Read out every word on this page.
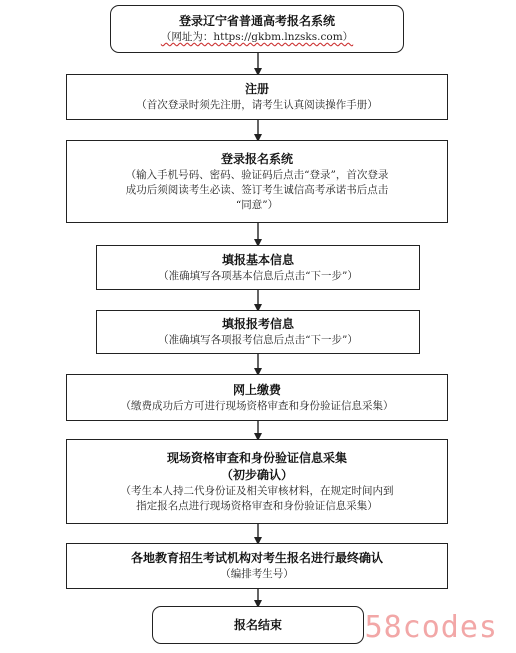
登录辽宁省普通高考报名系统
（网址为：https://gkbm.lnzsks.com）
注册
（首次登录时须先注册，请考生认真阅读操作手册）
登录报名系统
（输入手机号码、密码、验证码后点击“登录”，首次登录
成功后须阅读考生必读、签订考生诚信高考承诺书后点击
“同意”）
填报基本信息
（准确填写各项基本信息后点击“下一步”）
填报报考信息
（准确填写各项报考信息后点击“下一步”）
网上缴费
（缴费成功后方可进行现场资格审查和身份验证信息采集）
现场资格审查和身份验证信息采集
（初步确认）
（考生本人持二代身份证及相关审核材料，在规定时间内到
指定报名点进行现场资格审查和身份验证信息采集）
各地教育招生考试机构对考生报名进行最终确认
（编排考生号）
报名结束	58codes
